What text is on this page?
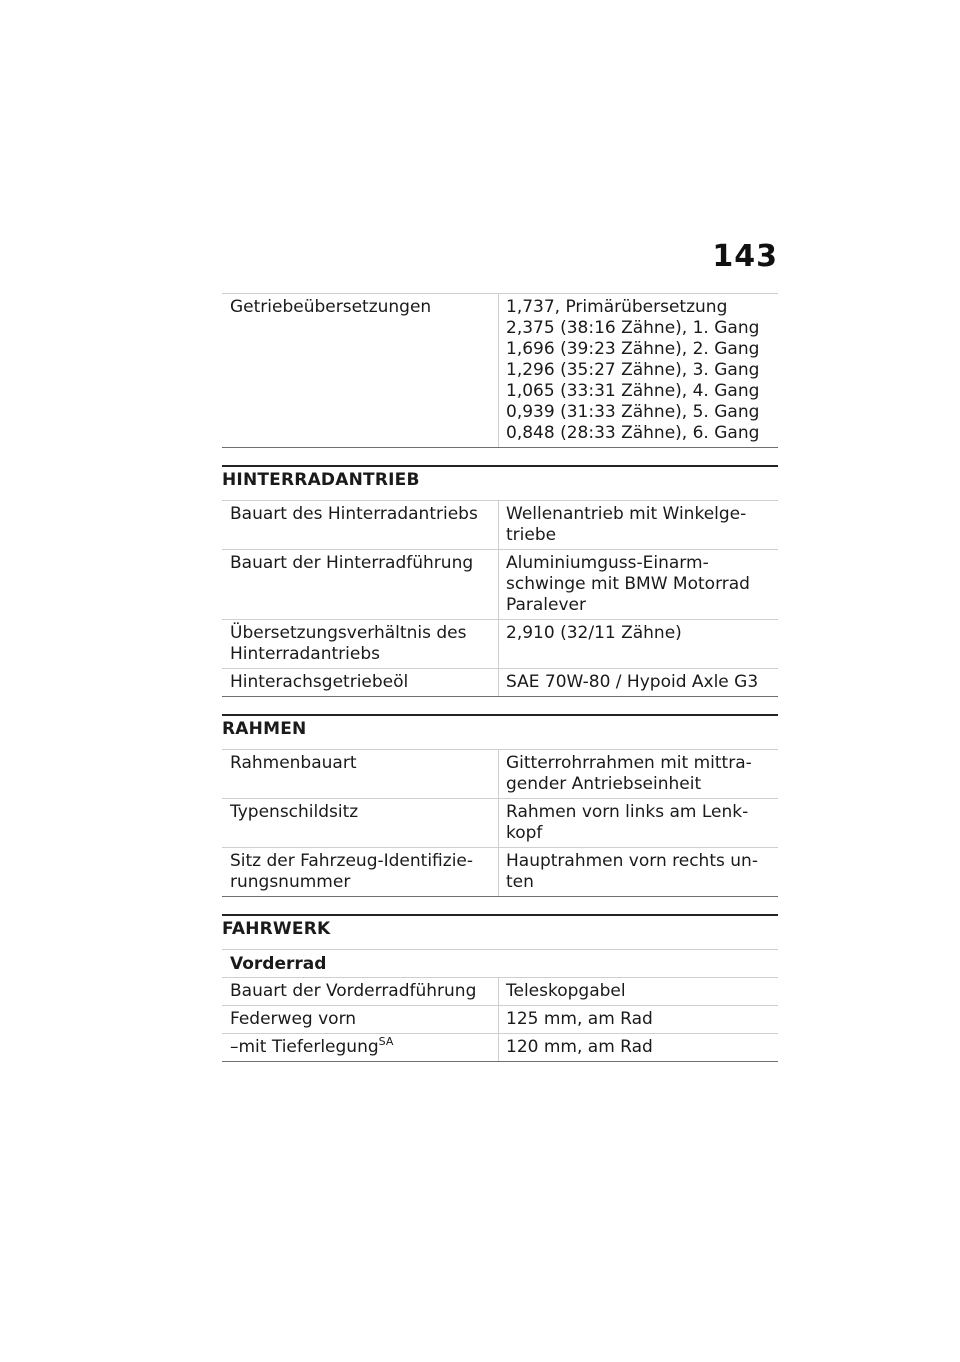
143
Getriebeübersetzungen	1,737, Primärübersetzung
2,375 (38:16 Zähne), 1. Gang
1,696 (39:23 Zähne), 2. Gang
1,296 (35:27 Zähne), 3. Gang
1,065 (33:31 Zähne), 4. Gang
0,939 (31:33 Zähne), 5. Gang
0,848 (28:33 Zähne), 6. Gang
HINTERRADANTRIEB
Bauart des Hinterradantriebs	Wellenantrieb mit Winkelgetriebe
Bauart der Hinterradführung	Aluminiumguss-Einarmschwinge mit BMW Motorrad Paralever
Übersetzungsverhältnis des Hinterradantriebs	2,910 (32/11 Zähne)
Hinterachsgetriebeöl	SAE 70W-80 / Hypoid Axle G3
RAHMEN
Rahmenbauart	Gitterrohrrahmen mit mittragender Antriebseinheit
Typenschildsitz	Rahmen vorn links am Lenkkopf
Sitz der Fahrzeug-Identifizierungsnummer	Hauptrahmen vorn rechts unten
FAHRWERK
Vorderrad	
Bauart der Vorderradführung	Teleskopgabel
Federweg vorn	125 mm, am Rad
–mit Tieferlegung$^{SA}$	120 mm, am Rad
